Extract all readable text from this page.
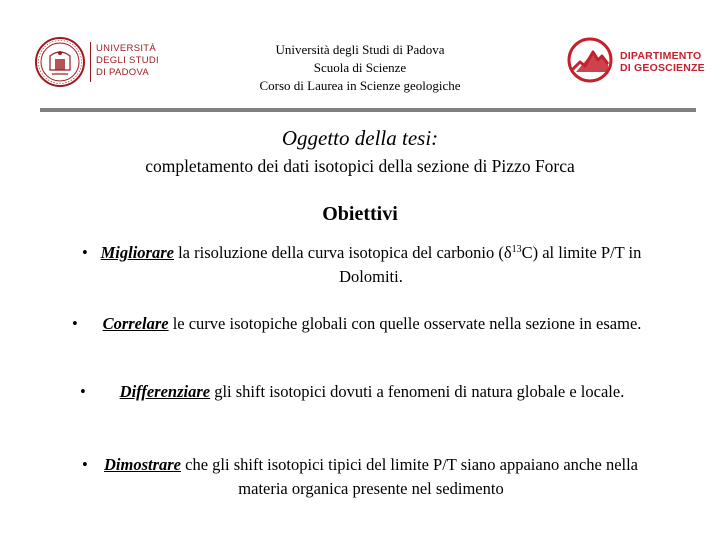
UNIVERSITÀ
DEGLI STUDI
DI PADOVA
Università degli Studi di Padova
Scuola di Scienze
Corso di Laurea in Scienze geologiche
DIPARTIMENTO
DI GEOSCIENZE
Oggetto della tesi:
completamento dei dati isotopici della sezione di Pizzo Forca
Obiettivi
• Migliorare la risoluzione della curva isotopica del carbonio $(\delta^{13}C)$ al limite P/T in Dolomiti.
• Correlare le curve isotopiche globali con quelle osservate nella sezione in esame.
• Differenziare gli shift isotopici dovuti a fenomeni di natura globale e locale.
• Dimostrare che gli shift isotopici tipici del limite P/T siano appaiano anche nella materia organica presente nel sedimento
